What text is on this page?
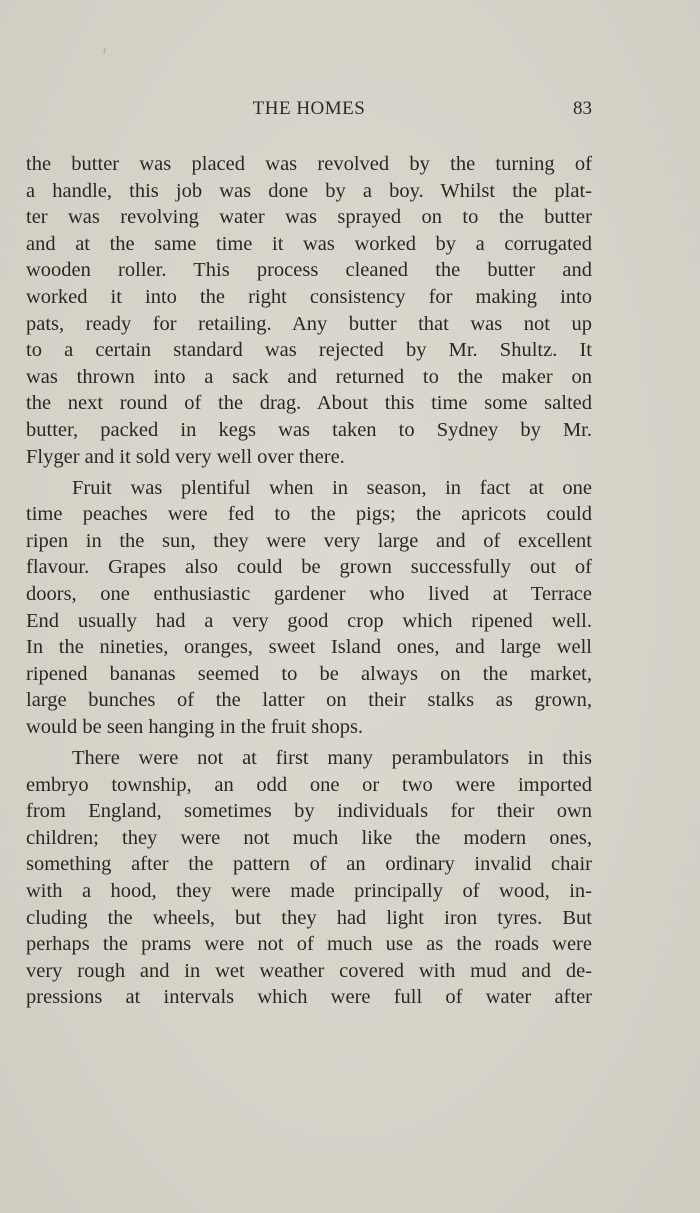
THE HOMES	83
the butter was placed was revolved by the turning of
a handle, this job was done by a boy. Whilst the plat-
ter was revolving water was sprayed on to the butter
and at the same time it was worked by a corrugated
wooden roller. This process cleaned the butter and
worked it into the right consistency for making into
pats, ready for retailing. Any butter that was not up
to a certain standard was rejected by Mr. Shultz. It
was thrown into a sack and returned to the maker on
the next round of the drag. About this time some salted
butter, packed in kegs was taken to Sydney by Mr.
Flyger and it sold very well over there.
Fruit was plentiful when in season, in fact at one
time peaches were fed to the pigs; the apricots could
ripen in the sun, they were very large and of excellent
flavour. Grapes also could be grown successfully out of
doors, one enthusiastic gardener who lived at Terrace
End usually had a very good crop which ripened well.
In the nineties, oranges, sweet Island ones, and large well
ripened bananas seemed to be always on the market,
large bunches of the latter on their stalks as grown,
would be seen hanging in the fruit shops.
There were not at first many perambulators in this
embryo township, an odd one or two were imported
from England, sometimes by individuals for their own
children; they were not much like the modern ones,
something after the pattern of an ordinary invalid chair
with a hood, they were made principally of wood, in-
cluding the wheels, but they had light iron tyres. But
perhaps the prams were not of much use as the roads were
very rough and in wet weather covered with mud and de-
pressions at intervals which were full of water after
